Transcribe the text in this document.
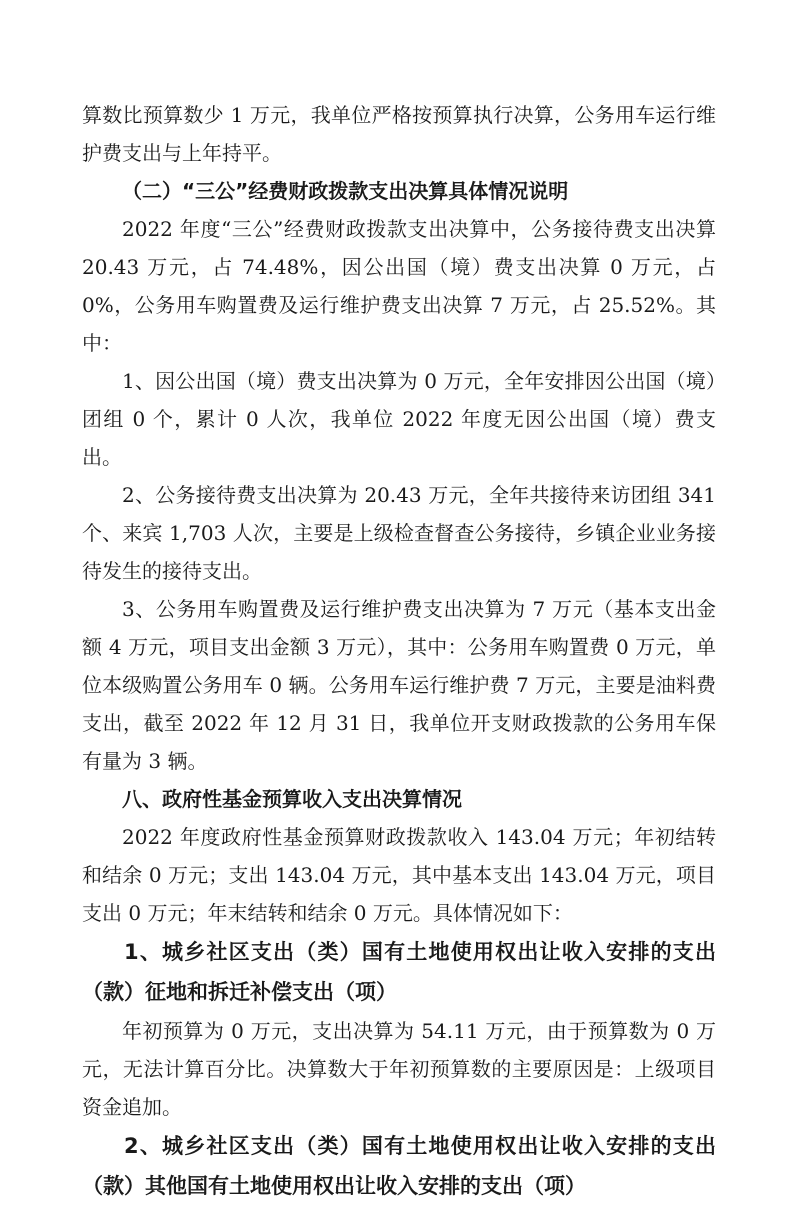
算数比预算数少 1 万元，我单位严格按预算执行决算，公务用车运行维护费支出与上年持平。

（二）“三公”经费财政拨款支出决算具体情况说明

2022 年度“三公”经费财政拨款支出决算中，公务接待费支出决算 20.43 万元，占 74.48%，因公出国（境）费支出决算 0 万元，占 0%，公务用车购置费及运行维护费支出决算 7 万元，占 25.52%。其中：

1、因公出国（境）费支出决算为 0 万元，全年安排因公出国（境）团组 0 个，累计 0 人次，我单位 2022 年度无因公出国（境）费支出。

2、公务接待费支出决算为 20.43 万元，全年共接待来访团组 341 个、来宾 1,703 人次，主要是上级检查督查公务接待，乡镇企业业务接待发生的接待支出。

3、公务用车购置费及运行维护费支出决算为 7 万元（基本支出金额 4 万元，项目支出金额 3 万元），其中：公务用车购置费 0 万元，单位本级购置公务用车 0 辆。公务用车运行维护费 7 万元，主要是油料费支出，截至 2022 年 12 月 31 日，我单位开支财政拨款的公务用车保有量为 3 辆。

八、政府性基金预算收入支出决算情况

2022 年度政府性基金预算财政拨款收入 143.04 万元；年初结转和结余 0 万元；支出 143.04 万元，其中基本支出 143.04 万元，项目支出 0 万元；年末结转和结余 0 万元。具体情况如下：

1、城乡社区支出（类）国有土地使用权出让收入安排的支出（款）征地和拆迁补偿支出（项）

年初预算为 0 万元，支出决算为 54.11 万元，由于预算数为 0 万元，无法计算百分比。决算数大于年初预算数的主要原因是：上级项目资金追加。

2、城乡社区支出（类）国有土地使用权出让收入安排的支出（款）其他国有土地使用权出让收入安排的支出（项）
